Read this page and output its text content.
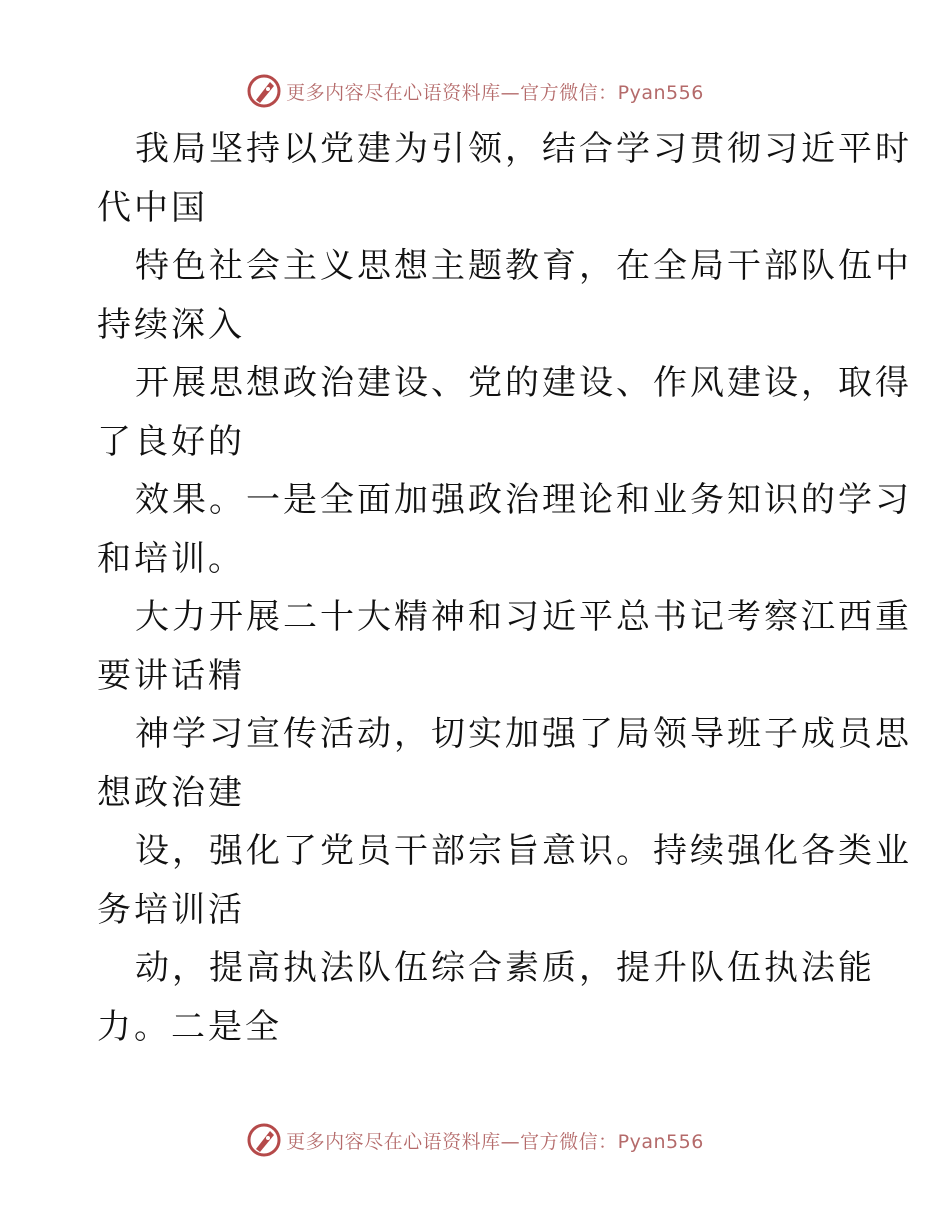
更多内容尽在心语资料库—官方微信：Pyan556

我局坚持以党建为引领，结合学习贯彻习近平时
代中国

特色社会主义思想主题教育，在全局干部队伍中
持续深入

开展思想政治建设、党的建设、作风建设，取得
了良好的

效果。一是全面加强政治理论和业务知识的学习
和培训。

大力开展二十大精神和习近平总书记考察江西重
要讲话精

神学习宣传活动，切实加强了局领导班子成员思
想政治建

设，强化了党员干部宗旨意识。持续强化各类业
务培训活

动，提高执法队伍综合素质，提升队伍执法能
力。二是全

更多内容尽在心语资料库—官方微信：Pyan556
